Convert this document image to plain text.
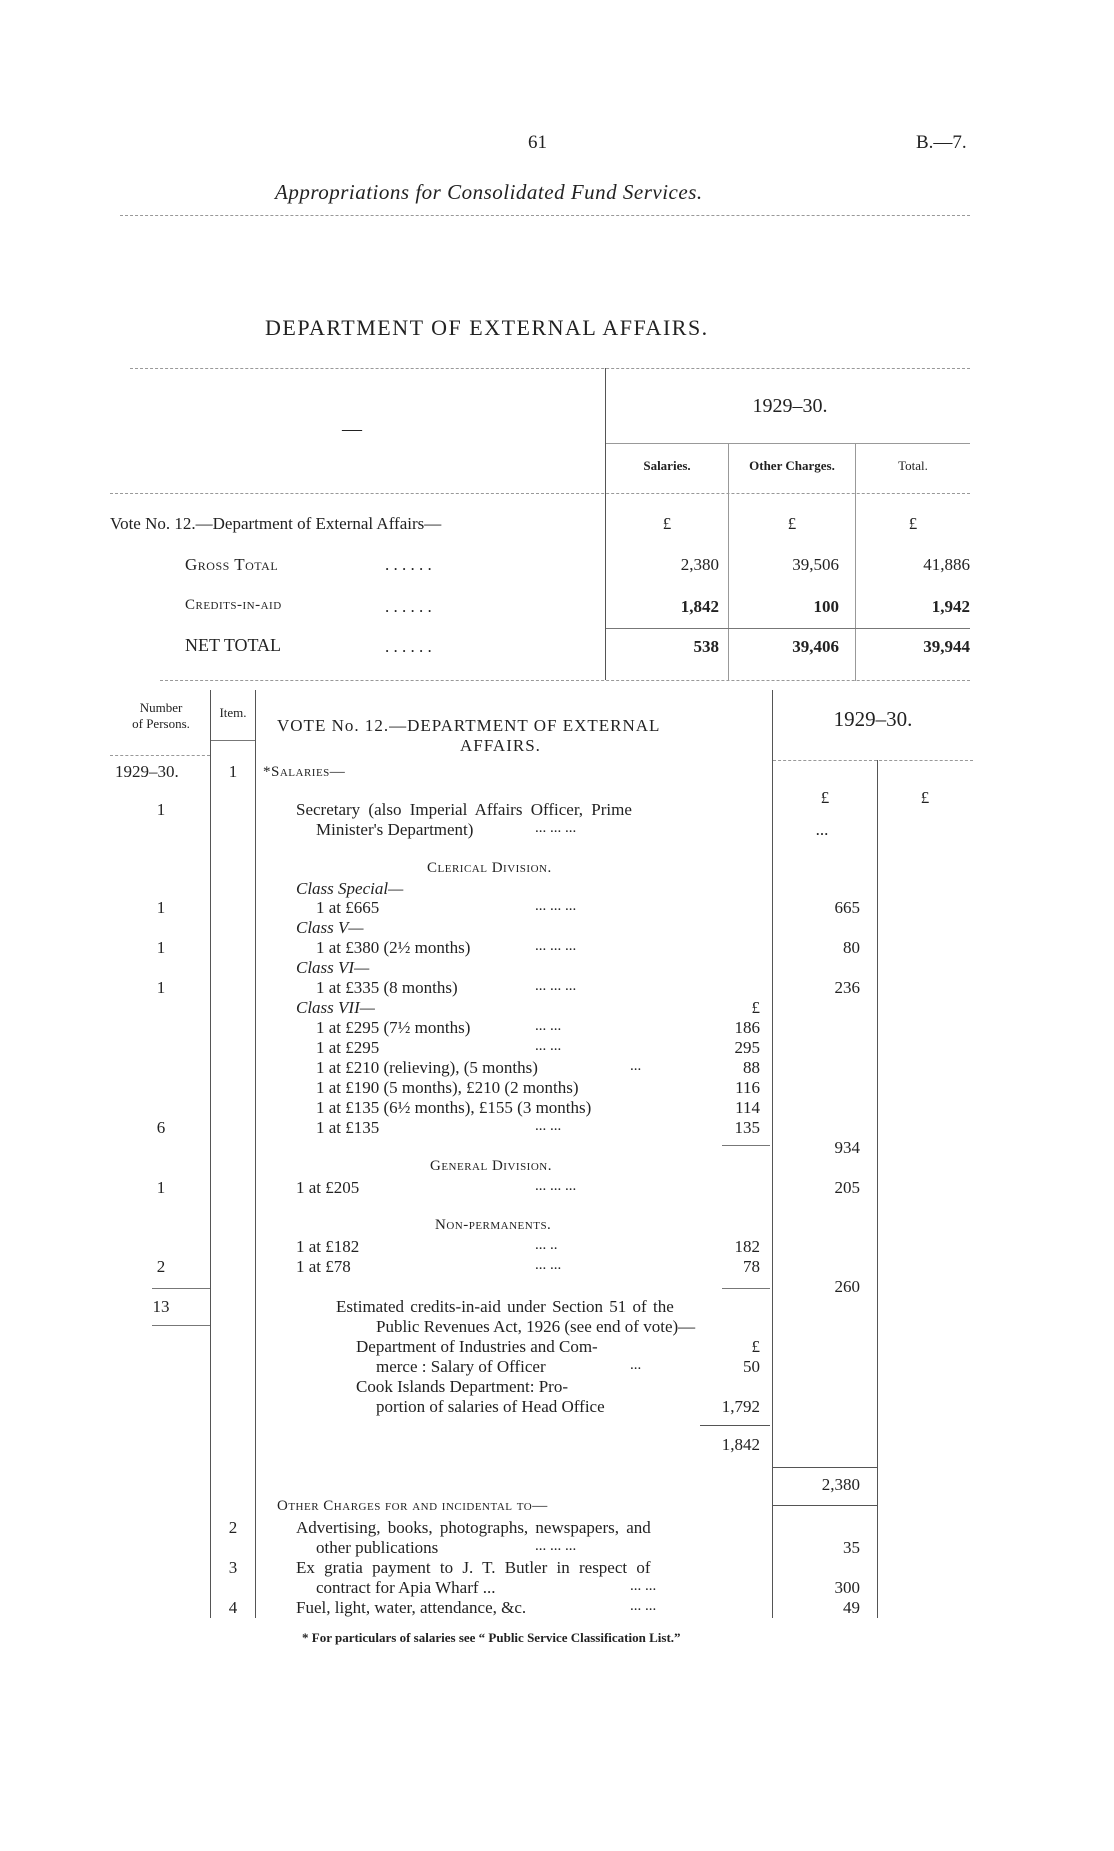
61	B.—7.
Appropriations for Consolidated Fund Services.
DEPARTMENT OF EXTERNAL AFFAIRS.
—
1929–30.
Salaries.	Other Charges.	Total.
Vote No. 12.—Department of External Affairs—	£	£	£
Gross Total	. . . . . .	2,380	39,506	41,886
Credits-in-aid	. . . . . .	1,842	100	1,942
NET TOTAL	. . . . . .	538	39,406	39,944
Number
of Persons.
Item.
VOTE No. 12.—DEPARTMENT OF EXTERNAL
AFFAIRS.
1929–30.
1929–30.	1	*Salaries—
£	£
1	Secretary (also Imperial Affairs Officer, Prime
Minister's Department)	... ... ...	...
Clerical Division.
Class Special—
1	1 at £665	... ... ...	665
Class V—
1	1 at £380 (2½ months)	... ... ...	80
Class VI—
1	1 at £335 (8 months)	... ... ...	236
Class VII—	£
1 at £295 (7½ months)	... ...	186
1 at £295	... ...	295
1 at £210 (relieving), (5 months)	...	88
1 at £190 (5 months), £210 (2 months)	116
1 at £135 (6½ months), £155 (3 months)	114
6	1 at £135	... ...	135
934
General Division.
1	1 at £205	... ... ...	205
Non-permanents.
1 at £182	... ..	182
2	1 at £78	... ...	78
260
13	Estimated credits-in-aid under Section 51 of the
Public Revenues Act, 1926 (see end of vote)—
Department of Industries and Com-	£
merce : Salary of Officer	...	50
Cook Islands Department: Pro-
portion of salaries of Head Office	1,792
1,842
2,380
Other Charges for and incidental to—
2	Advertising, books, photographs, newspapers, and
other publications	... ... ...	35
3	Ex gratia payment to J. T. Butler in respect of
contract for Apia Wharf ...	... ...	300
4	Fuel, light, water, attendance, &c.	... ...	49
* For particulars of salaries see “ Public Service Classification List.”
